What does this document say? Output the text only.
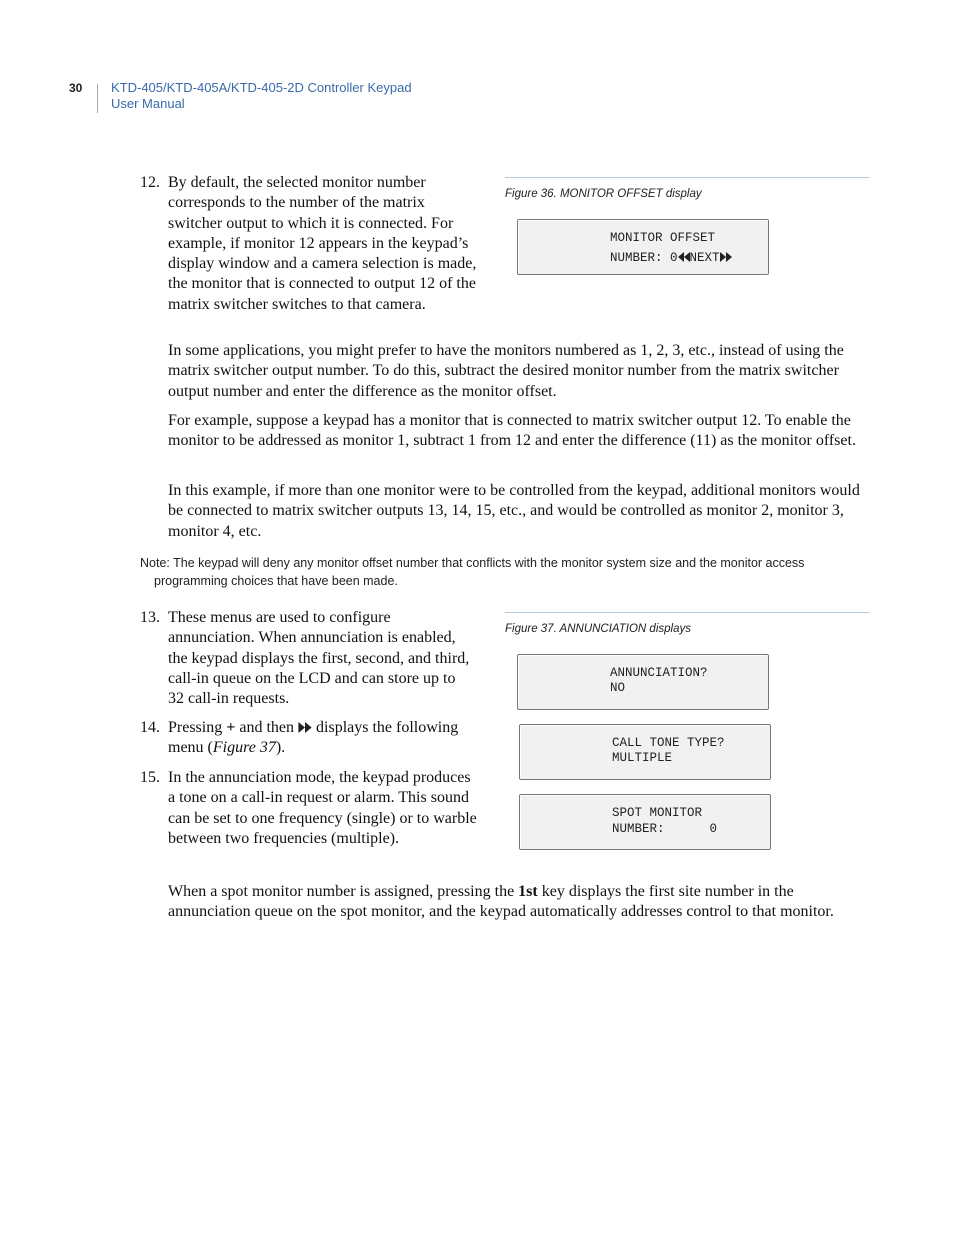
30 KTD-405/KTD-405A/KTD-405-2D Controller Keypad
User Manual
12. By default, the selected monitor number corresponds to the number of the matrix switcher output to which it is connected. For example, if monitor 12 appears in the keypad’s display window and a camera selection is made, the monitor that is connected to output 12 of the matrix switcher switches to that camera.
Figure 36. MONITOR OFFSET display
MONITOR OFFSET
NUMBER: 0 NEXT
In some applications, you might prefer to have the monitors numbered as 1, 2, 3, etc., instead of using the matrix switcher output number. To do this, subtract the desired monitor number from the matrix switcher output number and enter the difference as the monitor offset.
For example, suppose a keypad has a monitor that is connected to matrix switcher output 12. To enable the monitor to be addressed as monitor 1, subtract 1 from 12 and enter the difference (11) as the monitor offset.
In this example, if more than one monitor were to be controlled from the keypad, additional monitors would be connected to matrix switcher outputs 13, 14, 15, etc., and would be controlled as monitor 2, monitor 3, monitor 4, etc.
Note: The keypad will deny any monitor offset number that conflicts with the monitor system size and the monitor access
programming choices that have been made.
13. These menus are used to configure annunciation. When annunciation is enabled, the keypad displays the first, second, and third, call-in queue on the LCD and can store up to 32 call-in requests.
14. Pressing + and then  displays the following menu (Figure 37).
15. In the annunciation mode, the keypad produces a tone on a call-in request or alarm. This sound can be set to one frequency (single) or to warble between two frequencies (multiple).
Figure 37. ANNUNCIATION displays
ANNUNCIATION?
NO
CALL TONE TYPE?
MULTIPLE
SPOT MONITOR
NUMBER:      0
When a spot monitor number is assigned, pressing the 1st key displays the first site number in the annunciation queue on the spot monitor, and the keypad automatically addresses control to that monitor.
